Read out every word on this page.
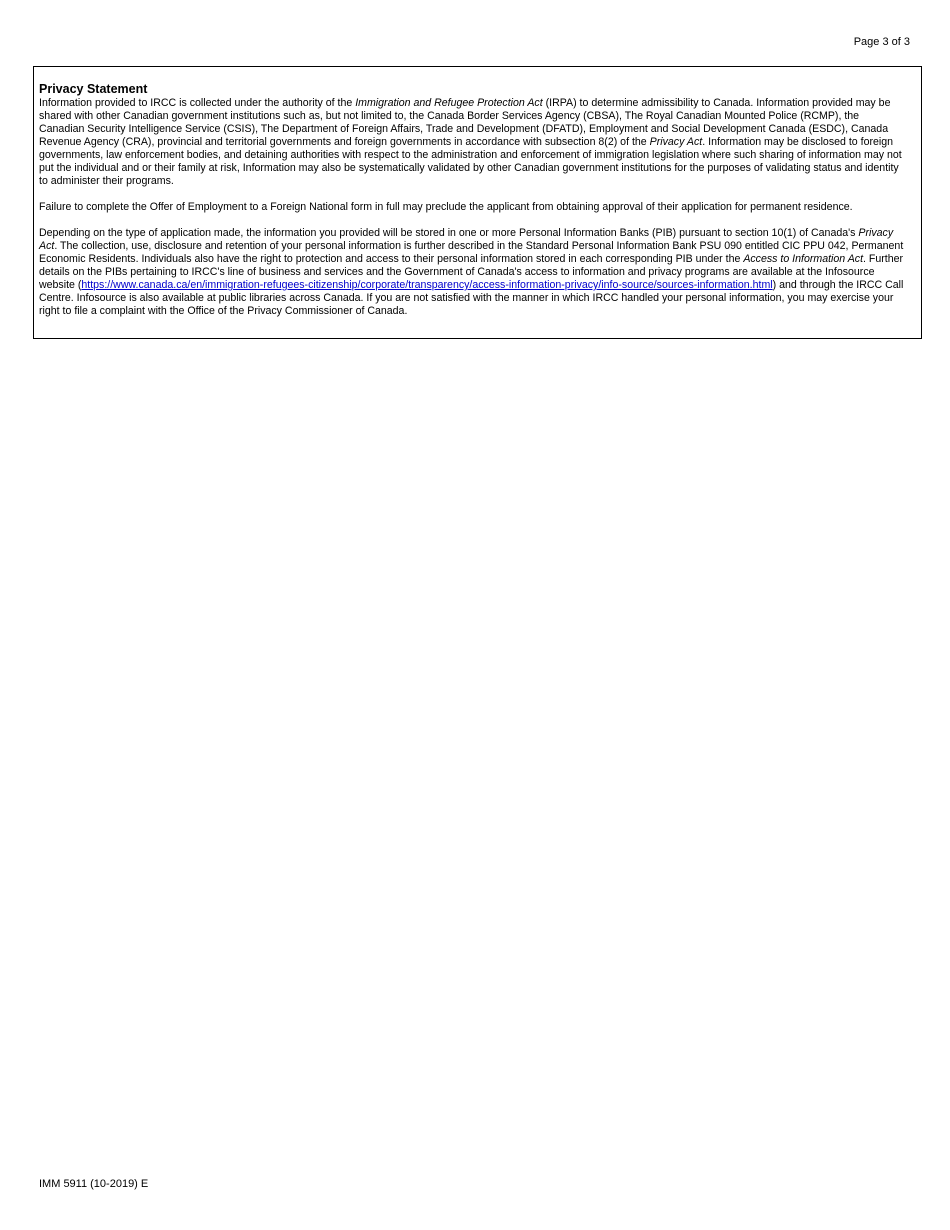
Page 3 of 3
Privacy Statement

Information provided to IRCC is collected under the authority of the Immigration and Refugee Protection Act (IRPA) to determine admissibility to Canada. Information provided may be shared with other Canadian government institutions such as, but not limited to, the Canada Border Services Agency (CBSA), The Royal Canadian Mounted Police (RCMP), the Canadian Security Intelligence Service (CSIS), The Department of Foreign Affairs, Trade and Development (DFATD), Employment and Social Development Canada (ESDC), Canada Revenue Agency (CRA), provincial and territorial governments and foreign governments in accordance with subsection 8(2) of the Privacy Act. Information may be disclosed to foreign governments, law enforcement bodies, and detaining authorities with respect to the administration and enforcement of immigration legislation where such sharing of information may not put the individual and or their family at risk, Information may also be systematically validated by other Canadian government institutions for the purposes of validating status and identity to administer their programs.

Failure to complete the Offer of Employment to a Foreign National form in full may preclude the applicant from obtaining approval of their application for permanent residence.

Depending on the type of application made, the information you provided will be stored in one or more Personal Information Banks (PIB) pursuant to section 10(1) of Canada's Privacy Act. The collection, use, disclosure and retention of your personal information is further described in the Standard Personal Information Bank PSU 090 entitled CIC PPU 042, Permanent Economic Residents. Individuals also have the right to protection and access to their personal information stored in each corresponding PIB under the Access to Information Act. Further details on the PIBs pertaining to IRCC's line of business and services and the Government of Canada's access to information and privacy programs are available at the Infosource website (https://www.canada.ca/en/immigration-refugees-citizenship/corporate/transparency/access-information-privacy/info-source/sources-information.html) and through the IRCC Call Centre. Infosource is also available at public libraries across Canada. If you are not satisfied with the manner in which IRCC handled your personal information, you may exercise your right to file a complaint with the Office of the Privacy Commissioner of Canada.

IMM 5911 (10-2019) E
